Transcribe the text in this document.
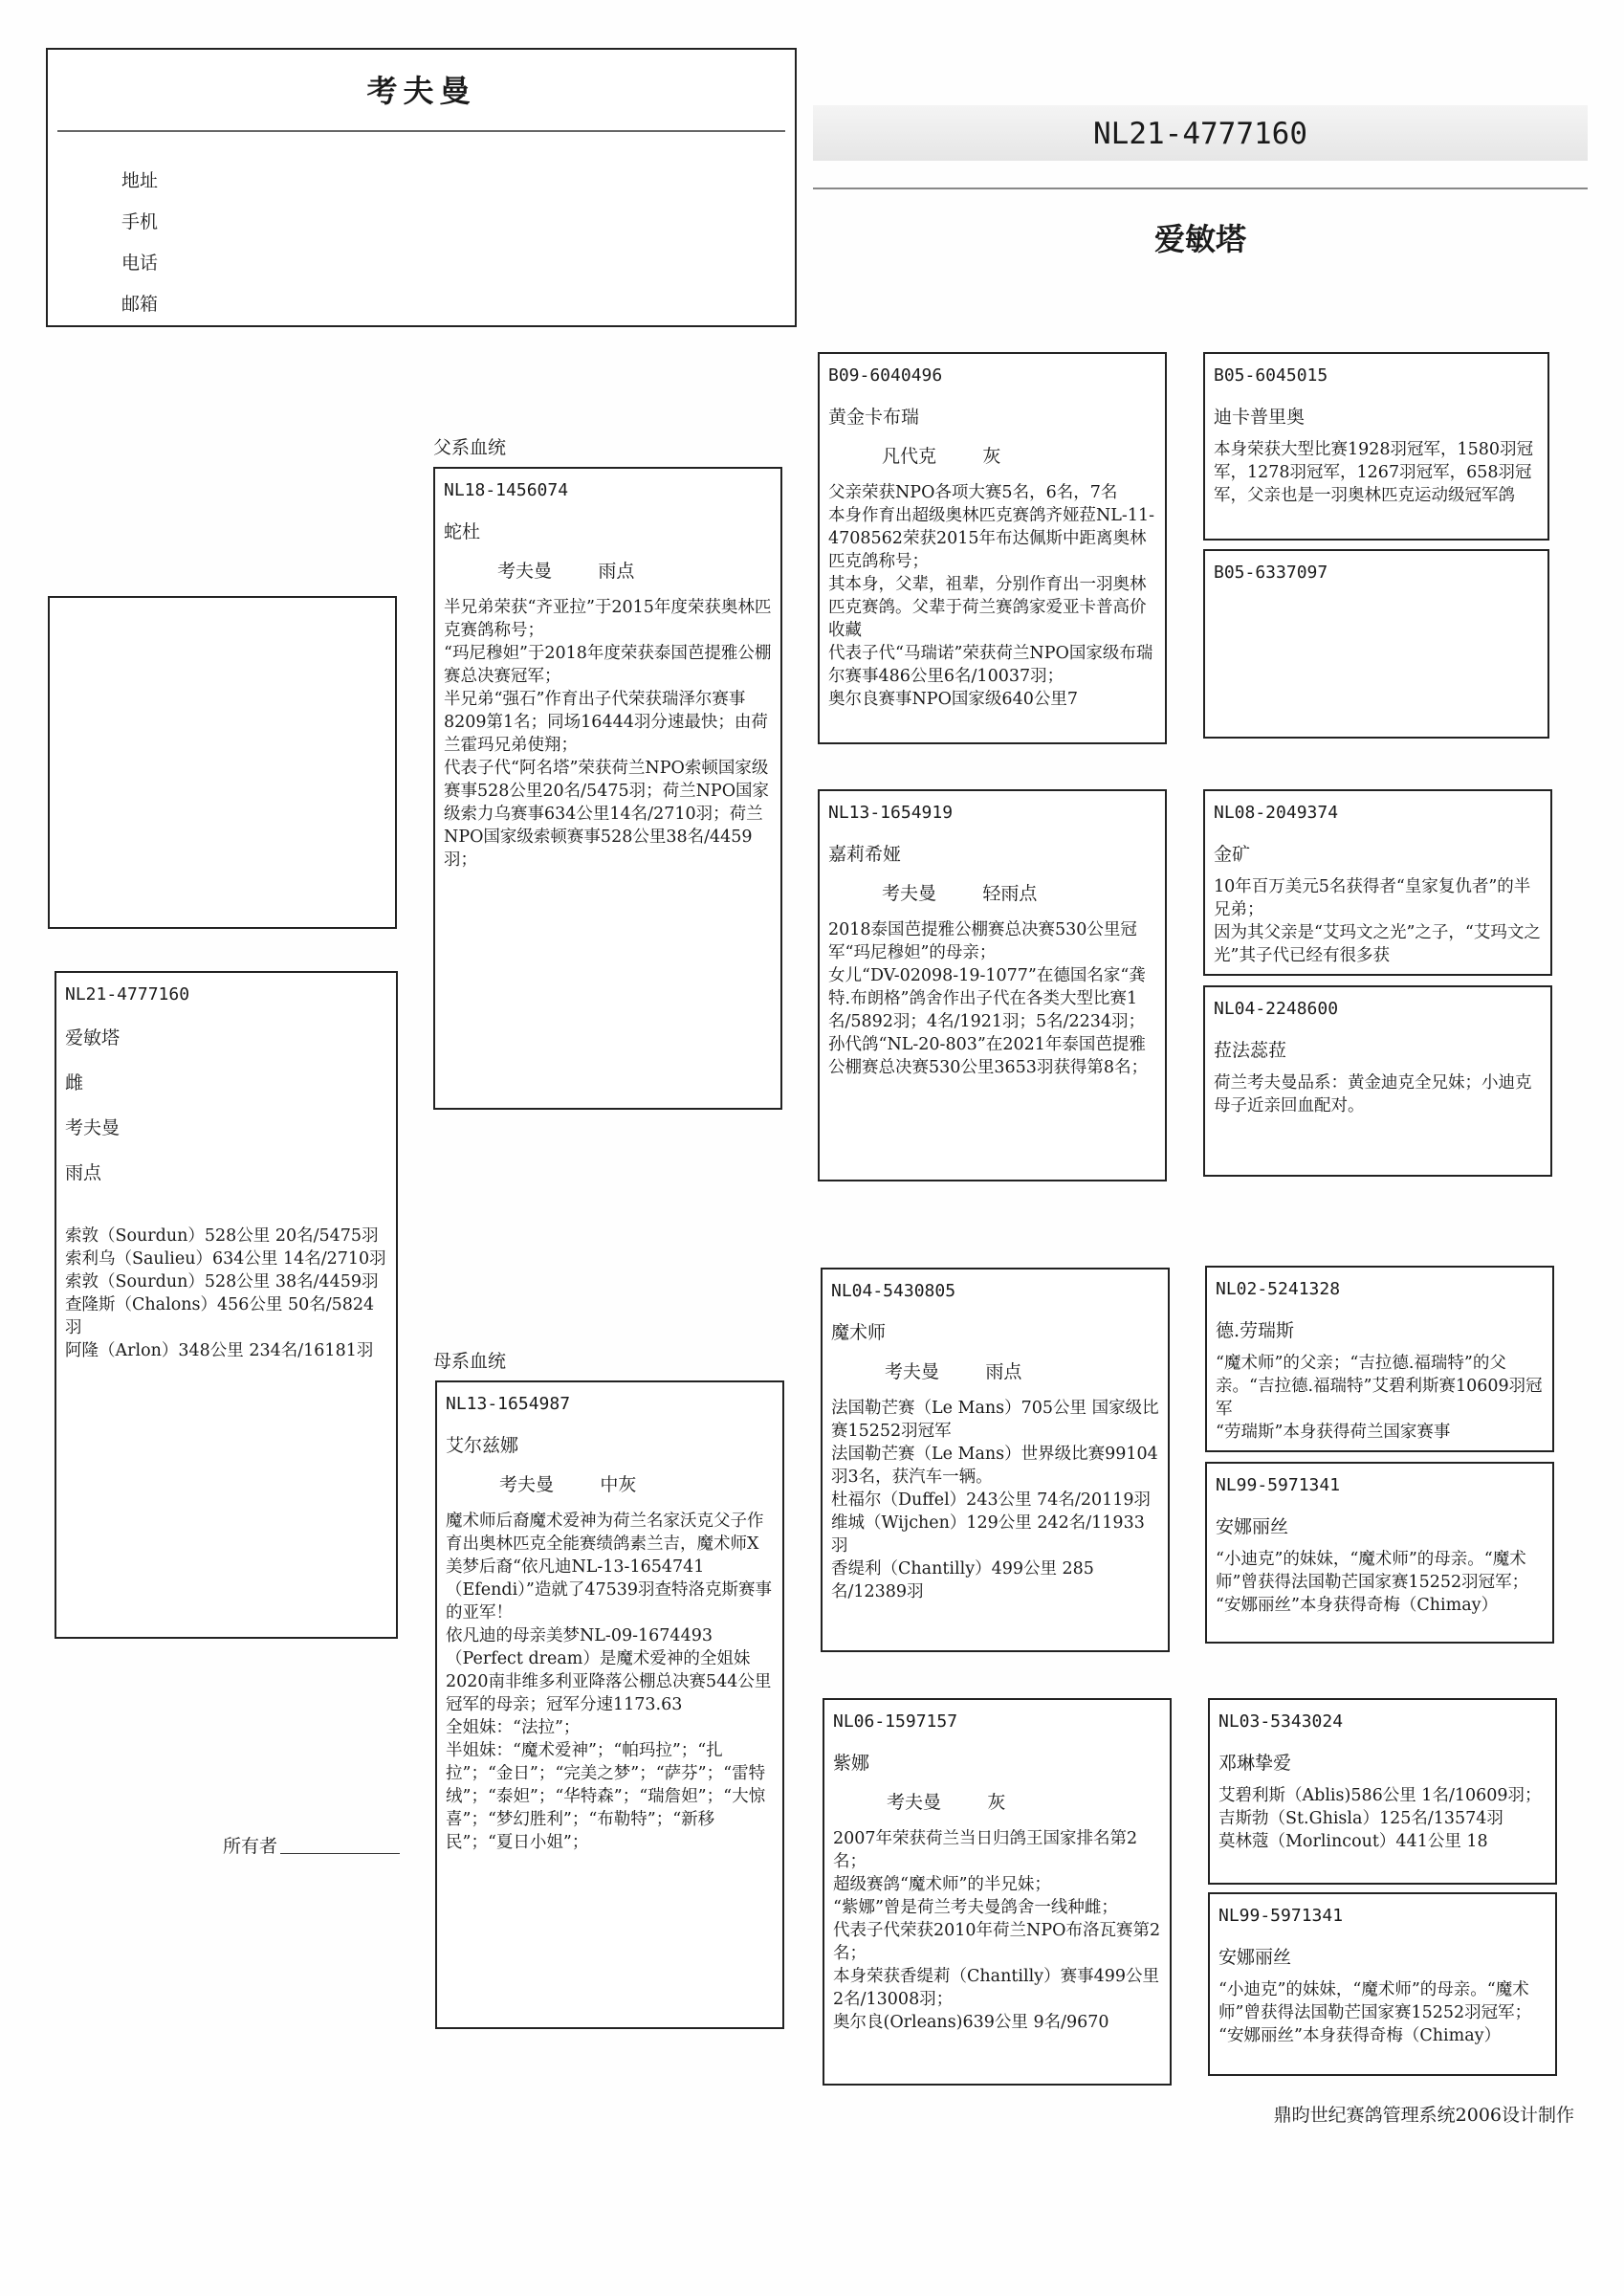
考夫曼
地址
手机
电话
邮箱
NL21-4777160
爱敏塔
父系血统
母系血统
NL21-4777160
爱敏塔
雌
考夫曼
雨点
索敦（Sourdun）528公里 20名/5475羽
索利乌（Saulieu）634公里 14名/2710羽
索敦（Sourdun）528公里 38名/4459羽
查隆斯（Chalons）456公里 50名/5824羽
阿隆（Arlon）348公里 234名/16181羽
NL18-1456074
蛇杜
考夫曼        雨点
半兄弟荣获“齐亚拉”于2015年度荣获奥林匹克赛鸽称号；
“玛尼穆妲”于2018年度荣获泰国芭提雅公棚赛总决赛冠军；
半兄弟“强石”作育出子代荣获瑞泽尔赛事8209第1名；同场16444羽分速最快；由荷兰霍玛兄弟使翔；
代表子代“阿名塔”荣获荷兰NPO索顿国家级赛事528公里20名/5475羽；荷兰NPO国家级索力乌赛事634公里14名/2710羽；荷兰NPO国家级索顿赛事528公里38名/4459羽；
NL13-1654987
艾尔兹娜
考夫曼        中灰
魔术师后裔魔术爱神为荷兰名家沃克父子作育出奥林匹克全能赛绩鸽素兰吉，魔术师X美梦后裔“依凡迪NL-13-1654741（Efendi）”造就了47539羽查特洛克斯赛事的亚军！
依凡迪的母亲美梦NL-09-1674493（Perfect dream）是魔术爱神的全姐妹
2020南非维多利亚降落公棚总决赛544公里冠军的母亲；冠军分速1173.63
全姐妹：“法拉”；
半姐妹：“魔术爱神”；“帕玛拉”；“扎拉”；“金日”；“完美之梦”；“萨芬”；“雷特绒”；“泰妲”；“华特森”；“瑞詹妲”；“大惊喜”；“梦幻胜利”；“布勒特”；“新移民”；“夏日小姐”；
B09-6040496
黄金卡布瑞
凡代克        灰
父亲荣获NPO各项大赛5名，6名，7名
本身作育出超级奥林匹克赛鸽齐娅菈NL-11-4708562荣获2015年布达佩斯中距离奥林匹克鸽称号；
其本身，父辈，祖辈，分别作育出一羽奥林匹克赛鸽。父辈于荷兰赛鸽家爱亚卡普高价收藏
代表子代“马瑞诺”荣获荷兰NPO国家级布瑞尔赛事486公里6名/10037羽；
奥尔良赛事NPO国家级640公里7
NL13-1654919
嘉莉希娅
考夫曼        轻雨点
2018泰国芭提雅公棚赛总决赛530公里冠军“玛尼穆妲”的母亲；
女儿“DV-02098-19-1077”在德国名家“龚特.布朗格”鸽舍作出子代在各类大型比赛1名/5892羽；4名/1921羽；5名/2234羽；
孙代鸽“NL-20-803”在2021年泰国芭提雅公棚赛总决赛530公里3653羽获得第8名；
NL04-5430805
魔术师
考夫曼        雨点
法国勒芒赛（Le Mans）705公里 国家级比赛15252羽冠军
法国勒芒赛（Le Mans）世界级比赛99104羽3名，获汽车一辆。
杜福尔（Duffel）243公里 74名/20119羽
维城（Wijchen）129公里 242名/11933羽
香缇利（Chantilly）499公里 285名/12389羽
NL06-1597157
紫娜
考夫曼        灰
2007年荣获荷兰当日归鸽王国家排名第2名；
超级赛鸽“魔术师”的半兄妹；
“紫娜”曾是荷兰考夫曼鸽舍一线种雌；
代表子代荣获2010年荷兰NPO布洛瓦赛第2名；
本身荣获香缇莉（Chantilly）赛事499公里 2名/13008羽；
奥尔良(Orleans)639公里 9名/9670
B05-6045015
迪卡普里奥
本身荣获大型比赛1928羽冠军，1580羽冠军，1278羽冠军，1267羽冠军，658羽冠军，父亲也是一羽奥林匹克运动级冠军鸽
B05-6337097
NL08-2049374
金矿
10年百万美元5名获得者“皇家复仇者”的半兄弟；
因为其父亲是“艾玛文之光”之子，“艾玛文之光”其子代已经有很多获
NL04-2248600
菈法蕊菈
荷兰考夫曼品系：黄金迪克全兄妹；小迪克母子近亲回血配对。
NL02-5241328
德.劳瑞斯
“魔术师”的父亲；“吉拉德.福瑞特”的父亲。“吉拉德.福瑞特”艾碧利斯赛10609羽冠军
“劳瑞斯”本身获得荷兰国家赛事
NL99-5971341
安娜丽丝
“小迪克”的妹妹，“魔术师”的母亲。“魔术师”曾获得法国勒芒国家赛15252羽冠军；
“安娜丽丝”本身获得奇梅（Chimay）
NL03-5343024
邓琳挚爱
艾碧利斯（Ablis)586公里 1名/10609羽；
吉斯勃（St.Ghisla）125名/13574羽
莫林蔻（Morlincout）441公里 18
NL99-5971341
安娜丽丝
“小迪克”的妹妹，“魔术师”的母亲。“魔术师”曾获得法国勒芒国家赛15252羽冠军；
“安娜丽丝”本身获得奇梅（Chimay）
所有者
鼎昀世纪赛鸽管理系统2006设计制作
